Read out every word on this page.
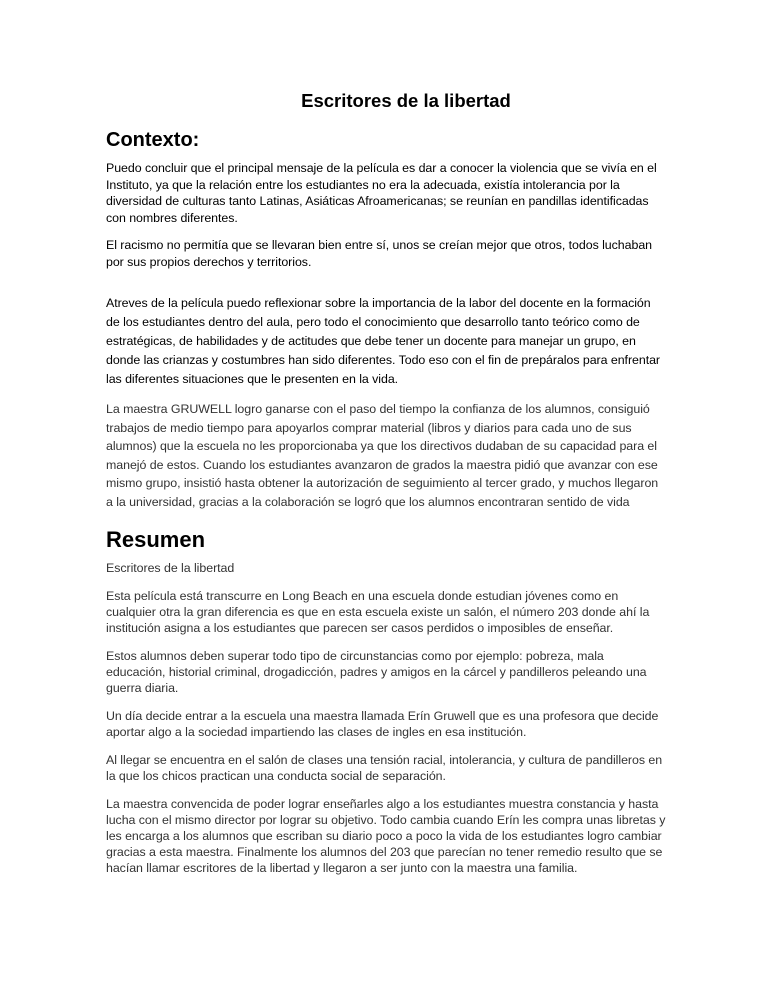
Escritores de la libertad
Contexto:

Puedo concluir que el principal mensaje de la película es dar a conocer la violencia que se vivía en el Instituto, ya que la relación entre los estudiantes no era la adecuada, existía intolerancia por la diversidad de culturas tanto Latinas, Asiáticas Afroamericanas; se reunían en pandillas identificadas con nombres diferentes.

El racismo no permitía que se llevaran bien entre sí, unos se creían mejor que otros, todos luchaban por sus propios derechos y territorios.

Atreves de la película puedo reflexionar sobre la importancia de la labor del docente en la formación de los estudiantes dentro del aula, pero todo el conocimiento que desarrollo tanto teórico como de estratégicas, de habilidades y de actitudes que debe tener un docente para manejar un grupo, en donde las crianzas y costumbres han sido diferentes. Todo eso con el fin de prepáralos para enfrentar las diferentes situaciones que le presenten en la vida.

La maestra GRUWELL logro ganarse con el paso del tiempo la confianza de los alumnos, consiguió trabajos de medio tiempo para apoyarlos comprar material (libros y diarios para cada uno de sus alumnos) que la escuela no les proporcionaba ya que los directivos dudaban de su capacidad para el manejó de estos. Cuando los estudiantes avanzaron de grados la maestra pidió que avanzar con ese mismo grupo, insistió hasta obtener la autorización de seguimiento al tercer grado, y muchos llegaron a la universidad, gracias a la colaboración se logró que los alumnos encontraran sentido de vida

Resumen

Escritores de la libertad

Esta película está transcurre en Long Beach en una escuela donde estudian jóvenes como en cualquier otra la gran diferencia es que en esta escuela existe un salón, el número 203 donde ahí la institución asigna a los estudiantes que parecen ser casos perdidos o imposibles de enseñar.

Estos alumnos deben superar todo tipo de circunstancias como por ejemplo: pobreza, mala educación, historial criminal, drogadicción, padres y amigos en la cárcel y pandilleros peleando una guerra diaria.

Un día decide entrar a la escuela una maestra llamada Erín Gruwell que es una profesora que decide aportar algo a la sociedad impartiendo las clases de ingles en esa institución.

Al llegar se encuentra en el salón de clases una tensión racial, intolerancia, y cultura de pandilleros en la que los chicos practican una conducta social de separación.

La maestra convencida de poder lograr enseñarles algo a los estudiantes muestra constancia y hasta lucha con el mismo director por lograr su objetivo. Todo cambia cuando Erín les compra unas libretas y les encarga a los alumnos que escriban su diario poco a poco la vida de los estudiantes logro cambiar gracias a esta maestra. Finalmente los alumnos del 203 que parecían no tener remedio resulto que se hacían llamar escritores de la libertad y llegaron a ser junto con la maestra una familia.
